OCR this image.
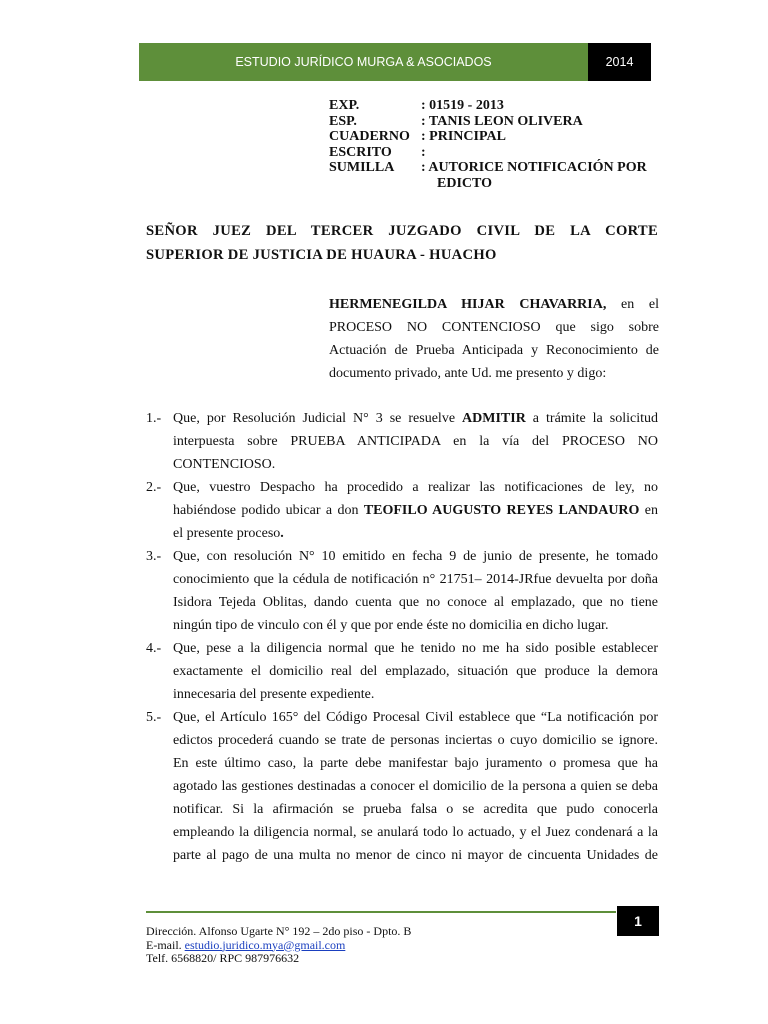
ESTUDIO JURÍDICO MURGA & ASOCIADOS	2014
EXP.	: 01519 - 2013
ESP.	: TANIS LEON OLIVERA
CUADERNO : PRINCIPAL
ESCRITO	:
SUMILLA	: AUTORICE NOTIFICACIÓN POR
EDICTO
SEÑOR JUEZ DEL TERCER JUZGADO CIVIL DE LA CORTE
SUPERIOR DE JUSTICIA DE HUAURA - HUACHO
HERMENEGILDA HIJAR CHAVARRIA, en el
PROCESO NO CONTENCIOSO que sigo sobre
Actuación de Prueba Anticipada y Reconocimiento de
documento privado, ante Ud. me presento y digo:
1.- Que, por Resolución Judicial N° 3 se resuelve ADMITIR a trámite la solicitud
interpuesta sobre PRUEBA ANTICIPADA en la vía del PROCESO NO
CONTENCIOSO.
2.- Que, vuestro Despacho ha procedido a realizar las notificaciones de ley, no
habiéndose podido ubicar a don TEOFILO AUGUSTO REYES LANDAURO en
el presente proceso.
3.- Que, con resolución N° 10 emitido en fecha 9 de junio de presente, he tomado
conocimiento que la cédula de notificación n° 21751– 2014-JRfue devuelta por doña
Isidora Tejeda Oblitas, dando cuenta que no conoce al emplazado, que no tiene
ningún tipo de vinculo con él y que por ende éste no domicilia en dicho lugar.
4.- Que, pese a la diligencia normal que he tenido no me ha sido posible establecer
exactamente el domicilio real del emplazado, situación que produce la demora
innecesaria del presente expediente.
5.- Que, el Artículo 165° del Código Procesal Civil establece que “La notificación por
edictos procederá cuando se trate de personas inciertas o cuyo domicilio se ignore.
En este último caso, la parte debe manifestar bajo juramento o promesa que ha
agotado las gestiones destinadas a conocer el domicilio de la persona a quien se deba
notificar. Si la afirmación se prueba falsa o se acredita que pudo conocerla
empleando la diligencia normal, se anulará todo lo actuado, y el Juez condenará a la
parte al pago de una multa no menor de cinco ni mayor de cincuenta Unidades de
1
Dirección. Alfonso Ugarte N° 192 – 2do piso - Dpto. B
E-mail. estudio.juridico.mya@gmail.com
Telf. 6568820/ RPC 987976632
